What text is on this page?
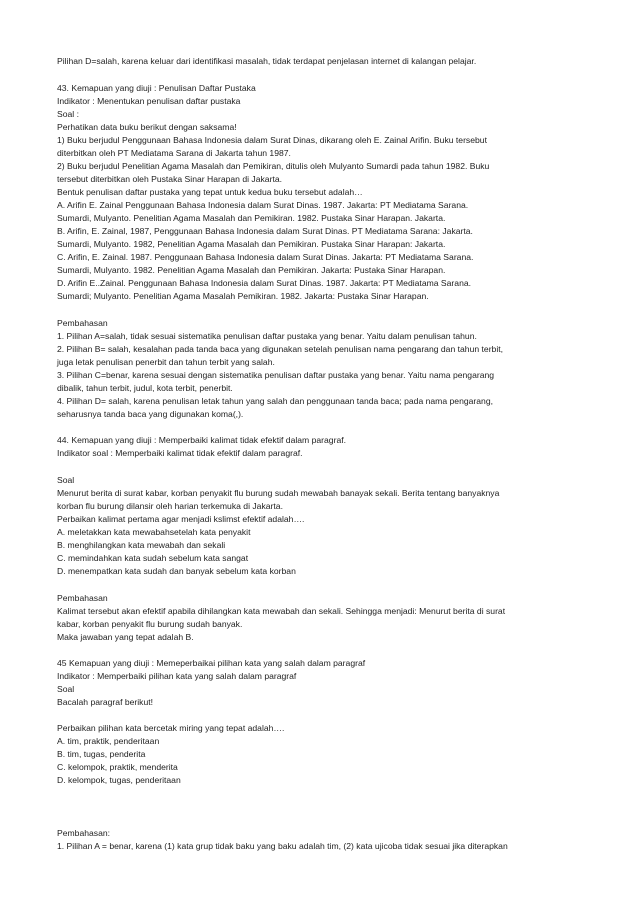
Pilihan D=salah, karena keluar dari identifikasi masalah, tidak terdapat penjelasan internet di kalangan pelajar.
43. Kemapuan yang diuji : Penulisan Daftar Pustaka
Indikator : Menentukan penulisan daftar pustaka
Soal :
Perhatikan data buku berikut dengan saksama!
1) Buku berjudul Penggunaan Bahasa Indonesia dalam Surat Dinas, dikarang oleh E. Zainal Arifin. Buku tersebut
diterbitkan oleh PT Mediatama Sarana di Jakarta tahun 1987.
2) Buku berjudul Penelitian Agama Masalah dan Pemikiran, ditulis oleh Mulyanto Sumardi pada tahun 1982. Buku
tersebut diterbitkan oleh Pustaka Sinar Harapan di Jakarta.
Bentuk penulisan daftar pustaka yang tepat untuk kedua buku tersebut adalah…
A. Arifin E. Zainal Penggunaan Bahasa Indonesia dalam Surat Dinas. 1987. Jakarta: PT Mediatama Sarana.
Sumardi, Mulyanto. Penelitian Agama Masalah dan Pemikiran. 1982. Pustaka Sinar Harapan. Jakarta.
B. Arifin, E. Zainal, 1987, Penggunaan Bahasa Indonesia dalam Surat Dinas. PT Mediatama Sarana: Jakarta.
Sumardi, Mulyanto. 1982, Penelitian Agama Masalah dan Pemikiran. Pustaka Sinar Harapan: Jakarta.
C. Arifin, E. Zainal. 1987. Penggunaan Bahasa Indonesia dalam Surat Dinas. Jakarta: PT Mediatama Sarana.
Sumardi, Mulyanto. 1982. Penelitian Agama Masalah dan Pemikiran. Jakarta: Pustaka Sinar Harapan.
D. Arifin E..Zainal. Penggunaan Bahasa Indonesia dalam Surat Dinas. 1987. Jakarta: PT Mediatama Sarana.
Sumardi; Mulyanto. Penelitian Agama Masalah Pemikiran. 1982. Jakarta: Pustaka Sinar Harapan.
Pembahasan
1. Pilihan A=salah, tidak sesuai sistematika penulisan daftar pustaka yang benar. Yaitu dalam penulisan tahun.
2. Pilihan B= salah, kesalahan pada tanda baca yang digunakan setelah penulisan nama pengarang dan tahun terbit,
juga letak penulisan penerbit dan tahun terbit yang salah.
3. Pilihan C=benar, karena sesuai dengan sistematika penulisan daftar pustaka yang benar. Yaitu nama pengarang
dibalik, tahun terbit, judul, kota terbit, penerbit.
4. Pilihan D= salah, karena penulisan letak tahun yang salah dan penggunaan tanda baca; pada nama pengarang,
seharusnya tanda baca yang digunakan koma(,).
44. Kemapuan yang diuji : Memperbaiki kalimat tidak efektif dalam paragraf.
Indikator soal : Memperbaiki kalimat tidak efektif dalam paragraf.
Soal
Menurut berita di surat kabar, korban penyakit flu burung sudah mewabah banayak sekali. Berita tentang banyaknya
korban flu burung dilansir oleh harian terkemuka di Jakarta.
Perbaikan kalimat pertama agar menjadi kslimst efektif adalah….
A. meletakkan kata mewabahsetelah kata penyakit
B. menghilangkan kata mewabah dan sekali
C. memindahkan kata sudah sebelum kata sangat
D. menempatkan kata sudah dan banyak sebelum kata korban
Pembahasan
Kalimat tersebut akan efektif apabila dihilangkan kata mewabah dan sekali. Sehingga menjadi: Menurut berita di surat
kabar, korban penyakit flu burung sudah banyak.
Maka jawaban yang tepat adalah B.
45 Kemapuan yang diuji : Memeperbaikai pilihan kata yang salah dalam paragraf
Indikator : Memperbaiki pilihan kata yang salah dalam paragraf
Soal
Bacalah paragraf berikut!
Perbaikan pilihan kata bercetak miring yang tepat adalah….
A. tim, praktik, penderitaan
B. tim, tugas, penderita
C. kelompok, praktik, menderita
D. kelompok, tugas, penderitaan
Pembahasan:
1. Pilihan A = benar, karena (1) kata grup tidak baku yang baku adalah tim, (2) kata ujicoba tidak sesuai jika diterapkan
